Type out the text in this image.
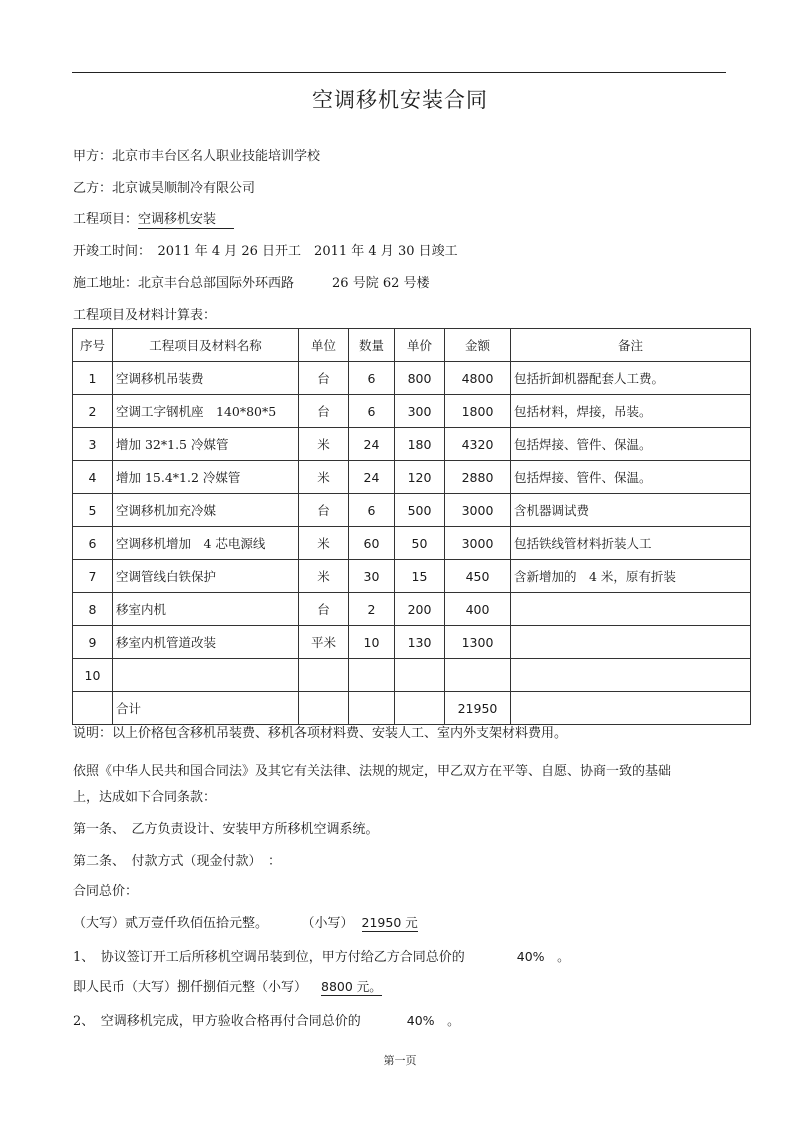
空调移机安装合同
甲方：北京市丰台区名人职业技能培训学校
乙方：北京诚昊顺制冷有限公司
工程项目：空调移机安装
开竣工时间：　2011 年 4 月 26 日开工　2011 年 4 月 30 日竣工
施工地址：北京丰台总部国际外环西路	26 号院 62 号楼
工程项目及材料计算表：
序号	工程项目及材料名称	单位	数量	单价	金额	备注
1	空调移机吊装费	台	6	800	4800	包括折卸机器配套人工费。
2	空调工字钢机座　140*80*5	台	6	300	1800	包括材料，焊接，吊装。
3	增加 32*1.5 冷媒管	米	24	180	4320	包括焊接、管件、保温。
4	增加 15.4*1.2 冷媒管	米	24	120	2880	包括焊接、管件、保温。
5	空调移机加充冷媒	台	6	500	3000	含机器调试费
6	空调移机增加　4 芯电源线	米	60	50	3000	包括铁线管材料折装人工
7	空调管线白铁保护	米	30	15	450	含新增加的　4 米，原有折装
8	移室内机	台	2	200	400	
9	移室内机管道改装	平米	10	130	1300	
10						
	合计				21950	
说明：以上价格包含移机吊装费、移机各项材料费、安装人工、室内外支架材料费用。
依照《中华人民共和国合同法》及其它有关法律、法规的规定，甲乙双方在平等、自愿、协商一致的基础
上，达成如下合同条款：
第一条、　乙方负责设计、安装甲方所移机空调系统。
第二条、　付款方式（现金付款）　：
合同总价：
（大写）贰万壹仟玖佰伍拾元整。	（小写） 21950 元
1、　协议签订开工后所移机空调吊装到位，甲方付给乙方合同总价的	40%　。
即人民币（大写）捌仟捌佰元整（小写） 8800 元。
2、　空调移机完成，甲方验收合格再付合同总价的	40%　。
第一页
